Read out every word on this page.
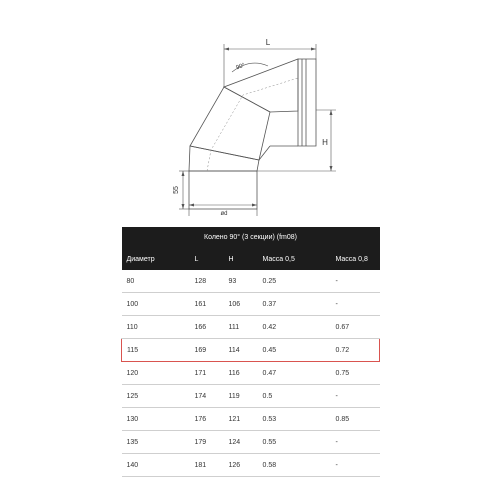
L
H
90°
ød
55
Колено 90° (3 секции) (fm08)				
Диаметр	L	H	Масса 0,5	Масса 0,8
80	128	93	0.25	-
100	161	106	0.37	-
110	166	111	0.42	0.67
115	169	114	0.45	0.72
120	171	116	0.47	0.75
125	174	119	0.5	-
130	176	121	0.53	0.85
135	179	124	0.55	-
140	181	126	0.58	-
